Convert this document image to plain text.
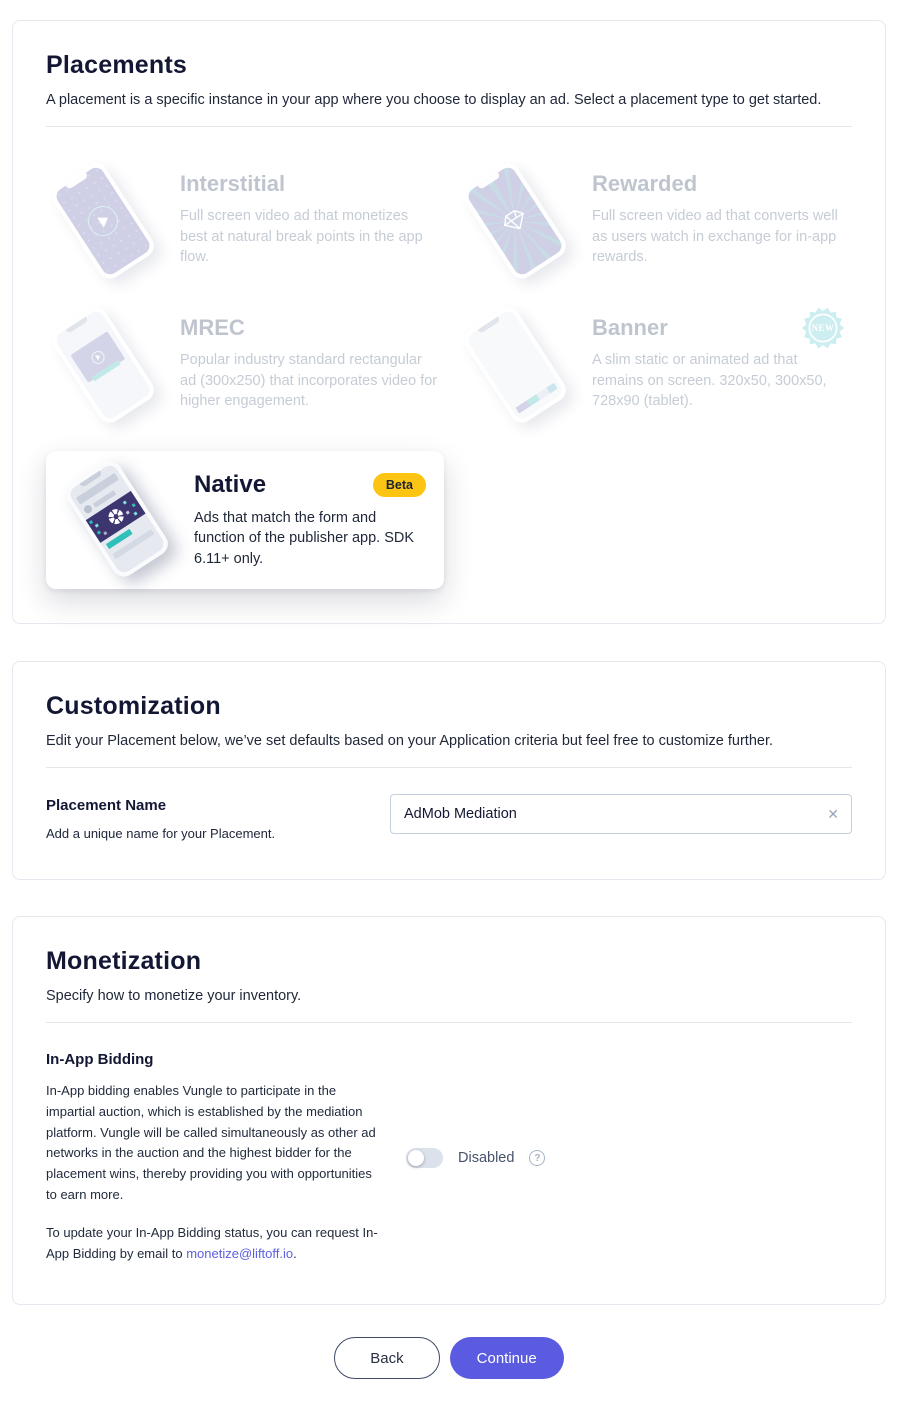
Placements

A placement is a specific instance in your app where you choose to display an ad. Select a placement type to get started.

Interstitial
Full screen video ad that monetizes best at natural break points in the app flow.
Rewarded
Full screen video ad that converts well as users watch in exchange for in-app rewards.
MREC
Popular industry standard rectangular ad (300x250) that incorporates video for higher engagement.
Banner	NEW
A slim static or animated ad that remains on screen. 320x50, 300x50, 728x90 (tablet).
Native	Beta
Ads that match the form and function of the publisher app. SDK 6.11+ only.
Customization

Edit your Placement below, we’ve set defaults based on your Application criteria but feel free to customize further.

Placement Name
Add a unique name for your Placement.
AdMob Mediation
✕
Monetization

Specify how to monetize your inventory.

In-App Bidding

In-App bidding enables Vungle to participate in the impartial auction, which is established by the mediation platform. Vungle will be called simultaneously as other ad networks in the auction and the highest bidder for the placement wins, thereby providing you with opportunities to earn more.

To update your In-App Bidding status, you can request In-App Bidding by email to monetize@liftoff.io.

Disabled	?
Back	Continue
